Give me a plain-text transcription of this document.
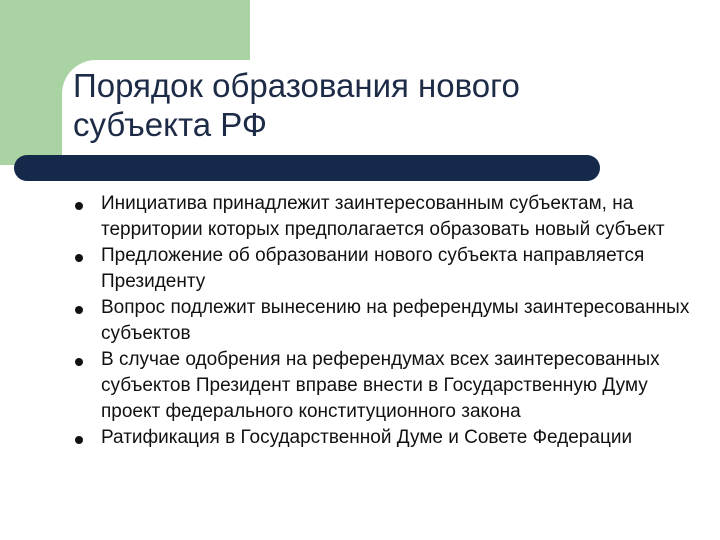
Порядок образования нового
субъекта РФ
Инициатива принадлежит заинтересованным субъектам, на территории которых предполагается образовать новый субъект
Предложение об образовании нового субъекта направляется Президенту
Вопрос подлежит вынесению на референдумы заинтересованных субъектов
В случае одобрения на референдумах всех заинтересованных субъектов Президент вправе внести в Государственную Думу проект федерального конституционного закона
Ратификация в Государственной Думе и Совете Федерации
